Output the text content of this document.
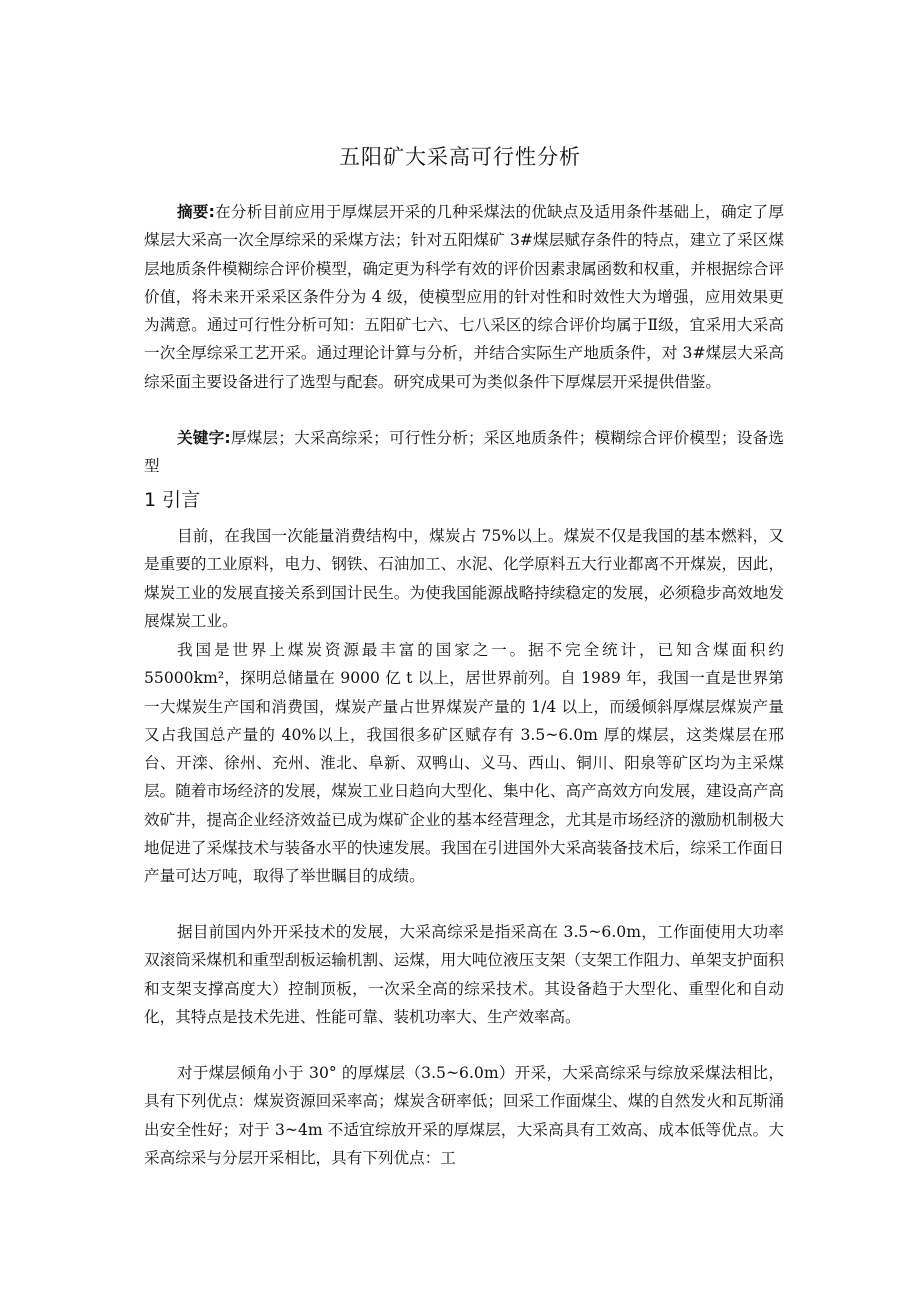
五阳矿大采高可行性分析

摘要:在分析目前应用于厚煤层开采的几种采煤法的优缺点及适用条件基础上，确定了厚煤层大采高一次全厚综采的采煤方法；针对五阳煤矿 3#煤层赋存条件的特点，建立了采区煤层地质条件模糊综合评价模型，确定更为科学有效的评价因素隶属函数和权重，并根据综合评价值，将未来开采采区条件分为 4 级，使模型应用的针对性和时效性大为增强，应用效果更为满意。通过可行性分析可知：五阳矿七六、七八采区的综合评价均属于Ⅱ级，宜采用大采高一次全厚综采工艺开采。通过理论计算与分析，并结合实际生产地质条件，对 3#煤层大采高综采面主要设备进行了选型与配套。研究成果可为类似条件下厚煤层开采提供借鉴。

关键字:厚煤层；大采高综采；可行性分析；采区地质条件；模糊综合评价模型；设备选型

1 引言

目前，在我国一次能量消费结构中，煤炭占 75%以上。煤炭不仅是我国的基本燃料，又是重要的工业原料，电力、钢铁、石油加工、水泥、化学原料五大行业都离不开煤炭，因此，煤炭工业的发展直接关系到国计民生。为使我国能源战略持续稳定的发展，必须稳步高效地发展煤炭工业。

我国是世界上煤炭资源最丰富的国家之一。据不完全统计，已知含煤面积约 55000km²，探明总储量在 9000 亿 t 以上，居世界前列。自 1989 年，我国一直是世界第一大煤炭生产国和消费国，煤炭产量占世界煤炭产量的 1/4 以上，而缓倾斜厚煤层煤炭产量又占我国总产量的 40%以上，我国很多矿区赋存有 3.5~6.0m 厚的煤层，这类煤层在邢台、开滦、徐州、充州、淮北、阜新、双鸭山、义马、西山、铜川、阳泉等矿区均为主采煤层。随着市场经济的发展，煤炭工业日趋向大型化、集中化、高产高效方向发展，建设高产高效矿井，提高企业经济效益已成为煤矿企业的基本经营理念，尤其是市场经济的激励机制极大地促进了采煤技术与装备水平的快速发展。我国在引进国外大采高装备技术后，综采工作面日产量可达万吨，取得了举世瞩目的成绩。

据目前国内外开采技术的发展，大采高综采是指采高在 3.5~6.0m，工作面使用大功率双滚筒采煤机和重型刮板运输机割、运煤，用大吨位液压支架（支架工作阻力、单架支护面积和支架支撑高度大）控制顶板，一次采全高的综采技术。其设备趋于大型化、重型化和自动化，其特点是技术先进、性能可靠、装机功率大、生产效率高。

对于煤层倾角小于 30° 的厚煤层（3.5~6.0m）开采，大采高综采与综放采煤法相比，具有下列优点：煤炭资源回采率高；煤炭含研率低；回采工作面煤尘、煤的自然发火和瓦斯涌出安全性好；对于 3~4m 不适宜综放开采的厚煤层，大采高具有工效高、成本低等优点。大采高综采与分层开采相比，具有下列优点：工
